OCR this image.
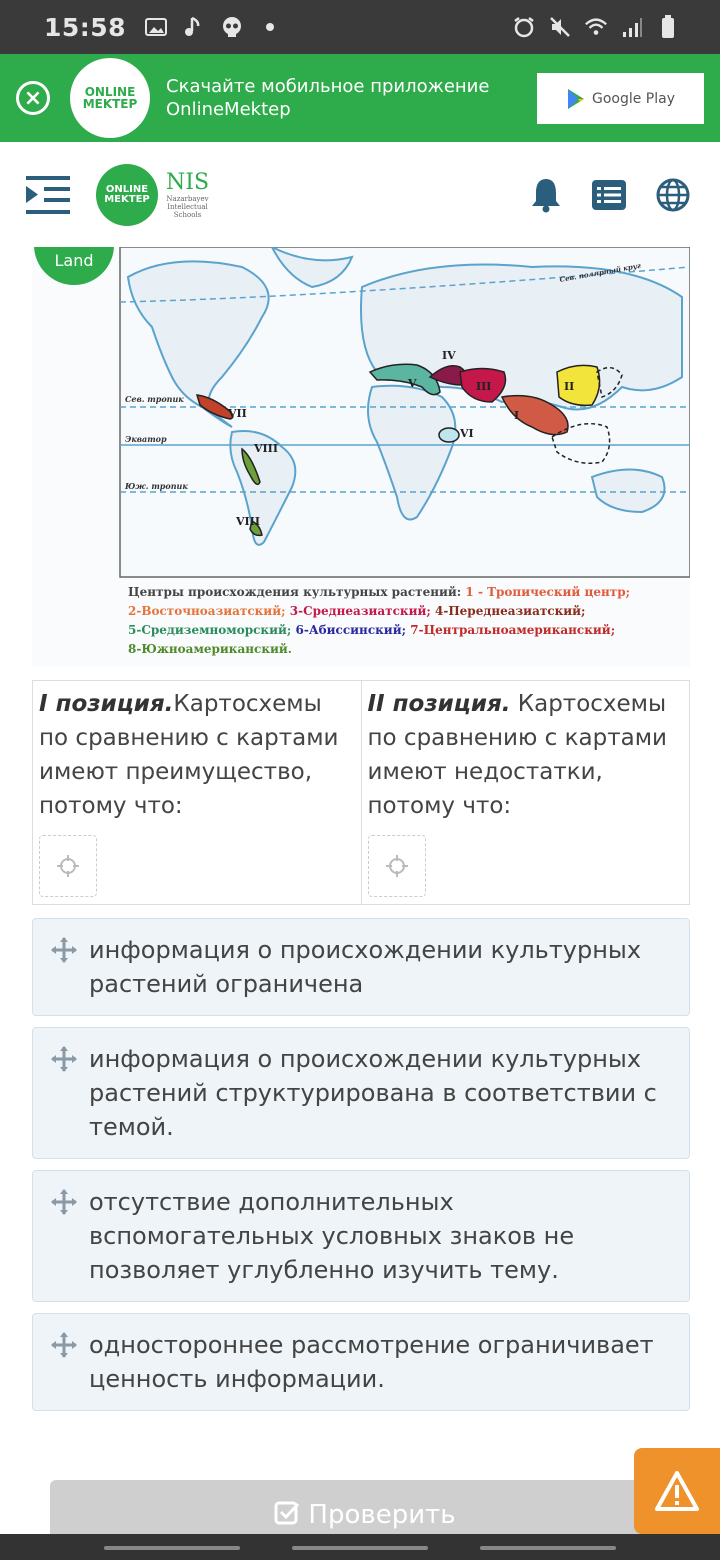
15:58
×	ONLINE
MEKTEP
Скачайте мобильное приложение OnlineMektep
Google Play
ONLINE
MEKTEP
NIS
Nazarbayev
Intellectual
Schools
IV
V	III	II
I
VI
VII
VIII
VIII
Сев. полярный круг
Сев. тропик
Экватор
Юж. тропик
Land
Центры происхождения культурных растений: 1 - Тропический центр;
2-Восточноазиатский; 3-Среднеазиатский; 4-Переднеазиатский;
5-Средиземноморский; 6-Абиссинский; 7-Центральноамериканский;
8-Южноамериканский.
I позиция.Картосхемы по сравнению с картами имеют преимущество, потому что:
II позиция. Картосхемы по сравнению с картами имеют недостатки, потому что:
информация о происхождении культурных растений ограничена
информация о происхождении культурных растений структурирована в соответствии с темой.
отсутствие дополнительных вспомогательных условных знаков не позволяет углубленно изучить тему.
одностороннее рассмотрение ограничивает ценность информации.
Проверить
